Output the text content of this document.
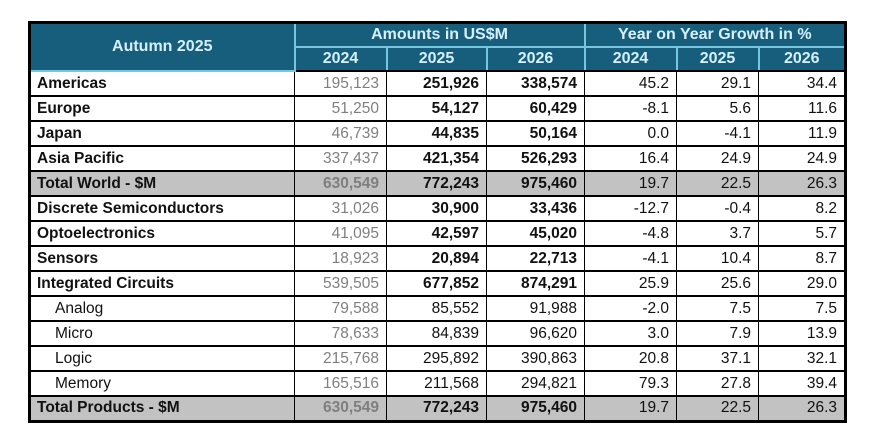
Autumn 2025	Amounts in US$M			Year on Year Growth in %		
	2024	2025	2026	2024	2025	2026
Americas	195,123	251,926	338,574	45.2	29.1	34.4
Europe	51,250	54,127	60,429	-8.1	5.6	11.6
Japan	46,739	44,835	50,164	0.0	-4.1	11.9
Asia Pacific	337,437	421,354	526,293	16.4	24.9	24.9
Total World - $M	630,549	772,243	975,460	19.7	22.5	26.3
Discrete Semiconductors	31,026	30,900	33,436	-12.7	-0.4	8.2
Optoelectronics	41,095	42,597	45,020	-4.8	3.7	5.7
Sensors	18,923	20,894	22,713	-4.1	10.4	8.7
Integrated Circuits	539,505	677,852	874,291	25.9	25.6	29.0
Analog	79,588	85,552	91,988	-2.0	7.5	7.5
Micro	78,633	84,839	96,620	3.0	7.9	13.9
Logic	215,768	295,892	390,863	20.8	37.1	32.1
Memory	165,516	211,568	294,821	79.3	27.8	39.4
Total Products - $M	630,549	772,243	975,460	19.7	22.5	26.3
